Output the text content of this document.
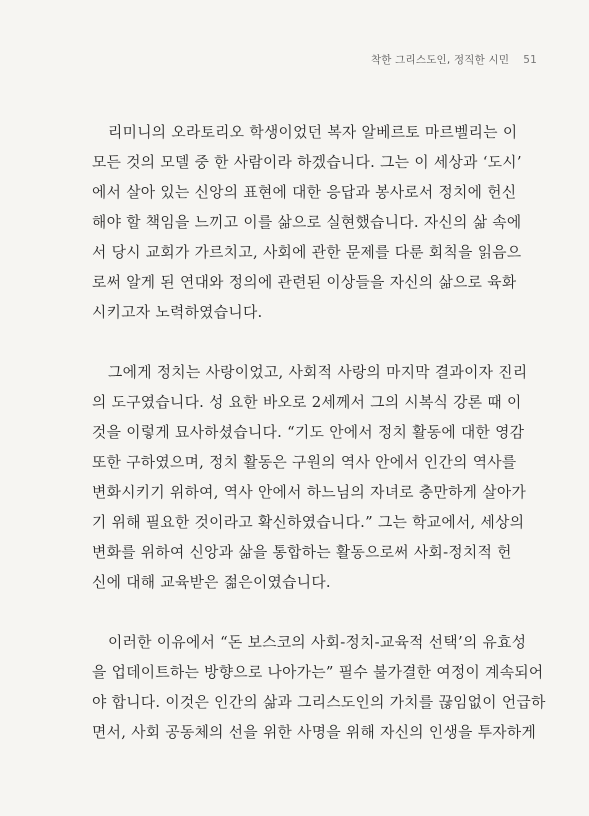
착한 그리스도인, 정직한 시민 51
리미니의 오라토리오 학생이었던 복자 알베르토 마르벨리는 이
모든 것의 모델 중 한 사람이라 하겠습니다. 그는 이 세상과 ‘도시’
에서 살아 있는 신앙의 표현에 대한 응답과 봉사로서 정치에 헌신
해야 할 책임을 느끼고 이를 삶으로 실현했습니다. 자신의 삶 속에
서 당시 교회가 가르치고, 사회에 관한 문제를 다룬 회칙을 읽음으
로써 알게 된 연대와 정의에 관련된 이상들을 자신의 삶으로 육화
시키고자 노력하였습니다.
그에게 정치는 사랑이었고, 사회적 사랑의 마지막 결과이자 진리
의 도구였습니다. 성 요한 바오로 2세께서 그의 시복식 강론 때 이
것을 이렇게 묘사하셨습니다. “기도 안에서 정치 활동에 대한 영감
또한 구하였으며, 정치 활동은 구원의 역사 안에서 인간의 역사를
변화시키기 위하여, 역사 안에서 하느님의 자녀로 충만하게 살아가
기 위해 필요한 것이라고 확신하였습니다.” 그는 학교에서, 세상의
변화를 위하여 신앙과 삶을 통합하는 활동으로써 사회-정치적 헌
신에 대해 교육받은 젊은이였습니다.
이러한 이유에서 “돈 보스코의 사회-정치-교육적 선택’의 유효성
을 업데이트하는 방향으로 나아가는” 필수 불가결한 여정이 계속되어
야 합니다. 이것은 인간의 삶과 그리스도인의 가치를 끊임없이 언급하
면서, 사회 공동체의 선을 위한 사명을 위해 자신의 인생을 투자하게
